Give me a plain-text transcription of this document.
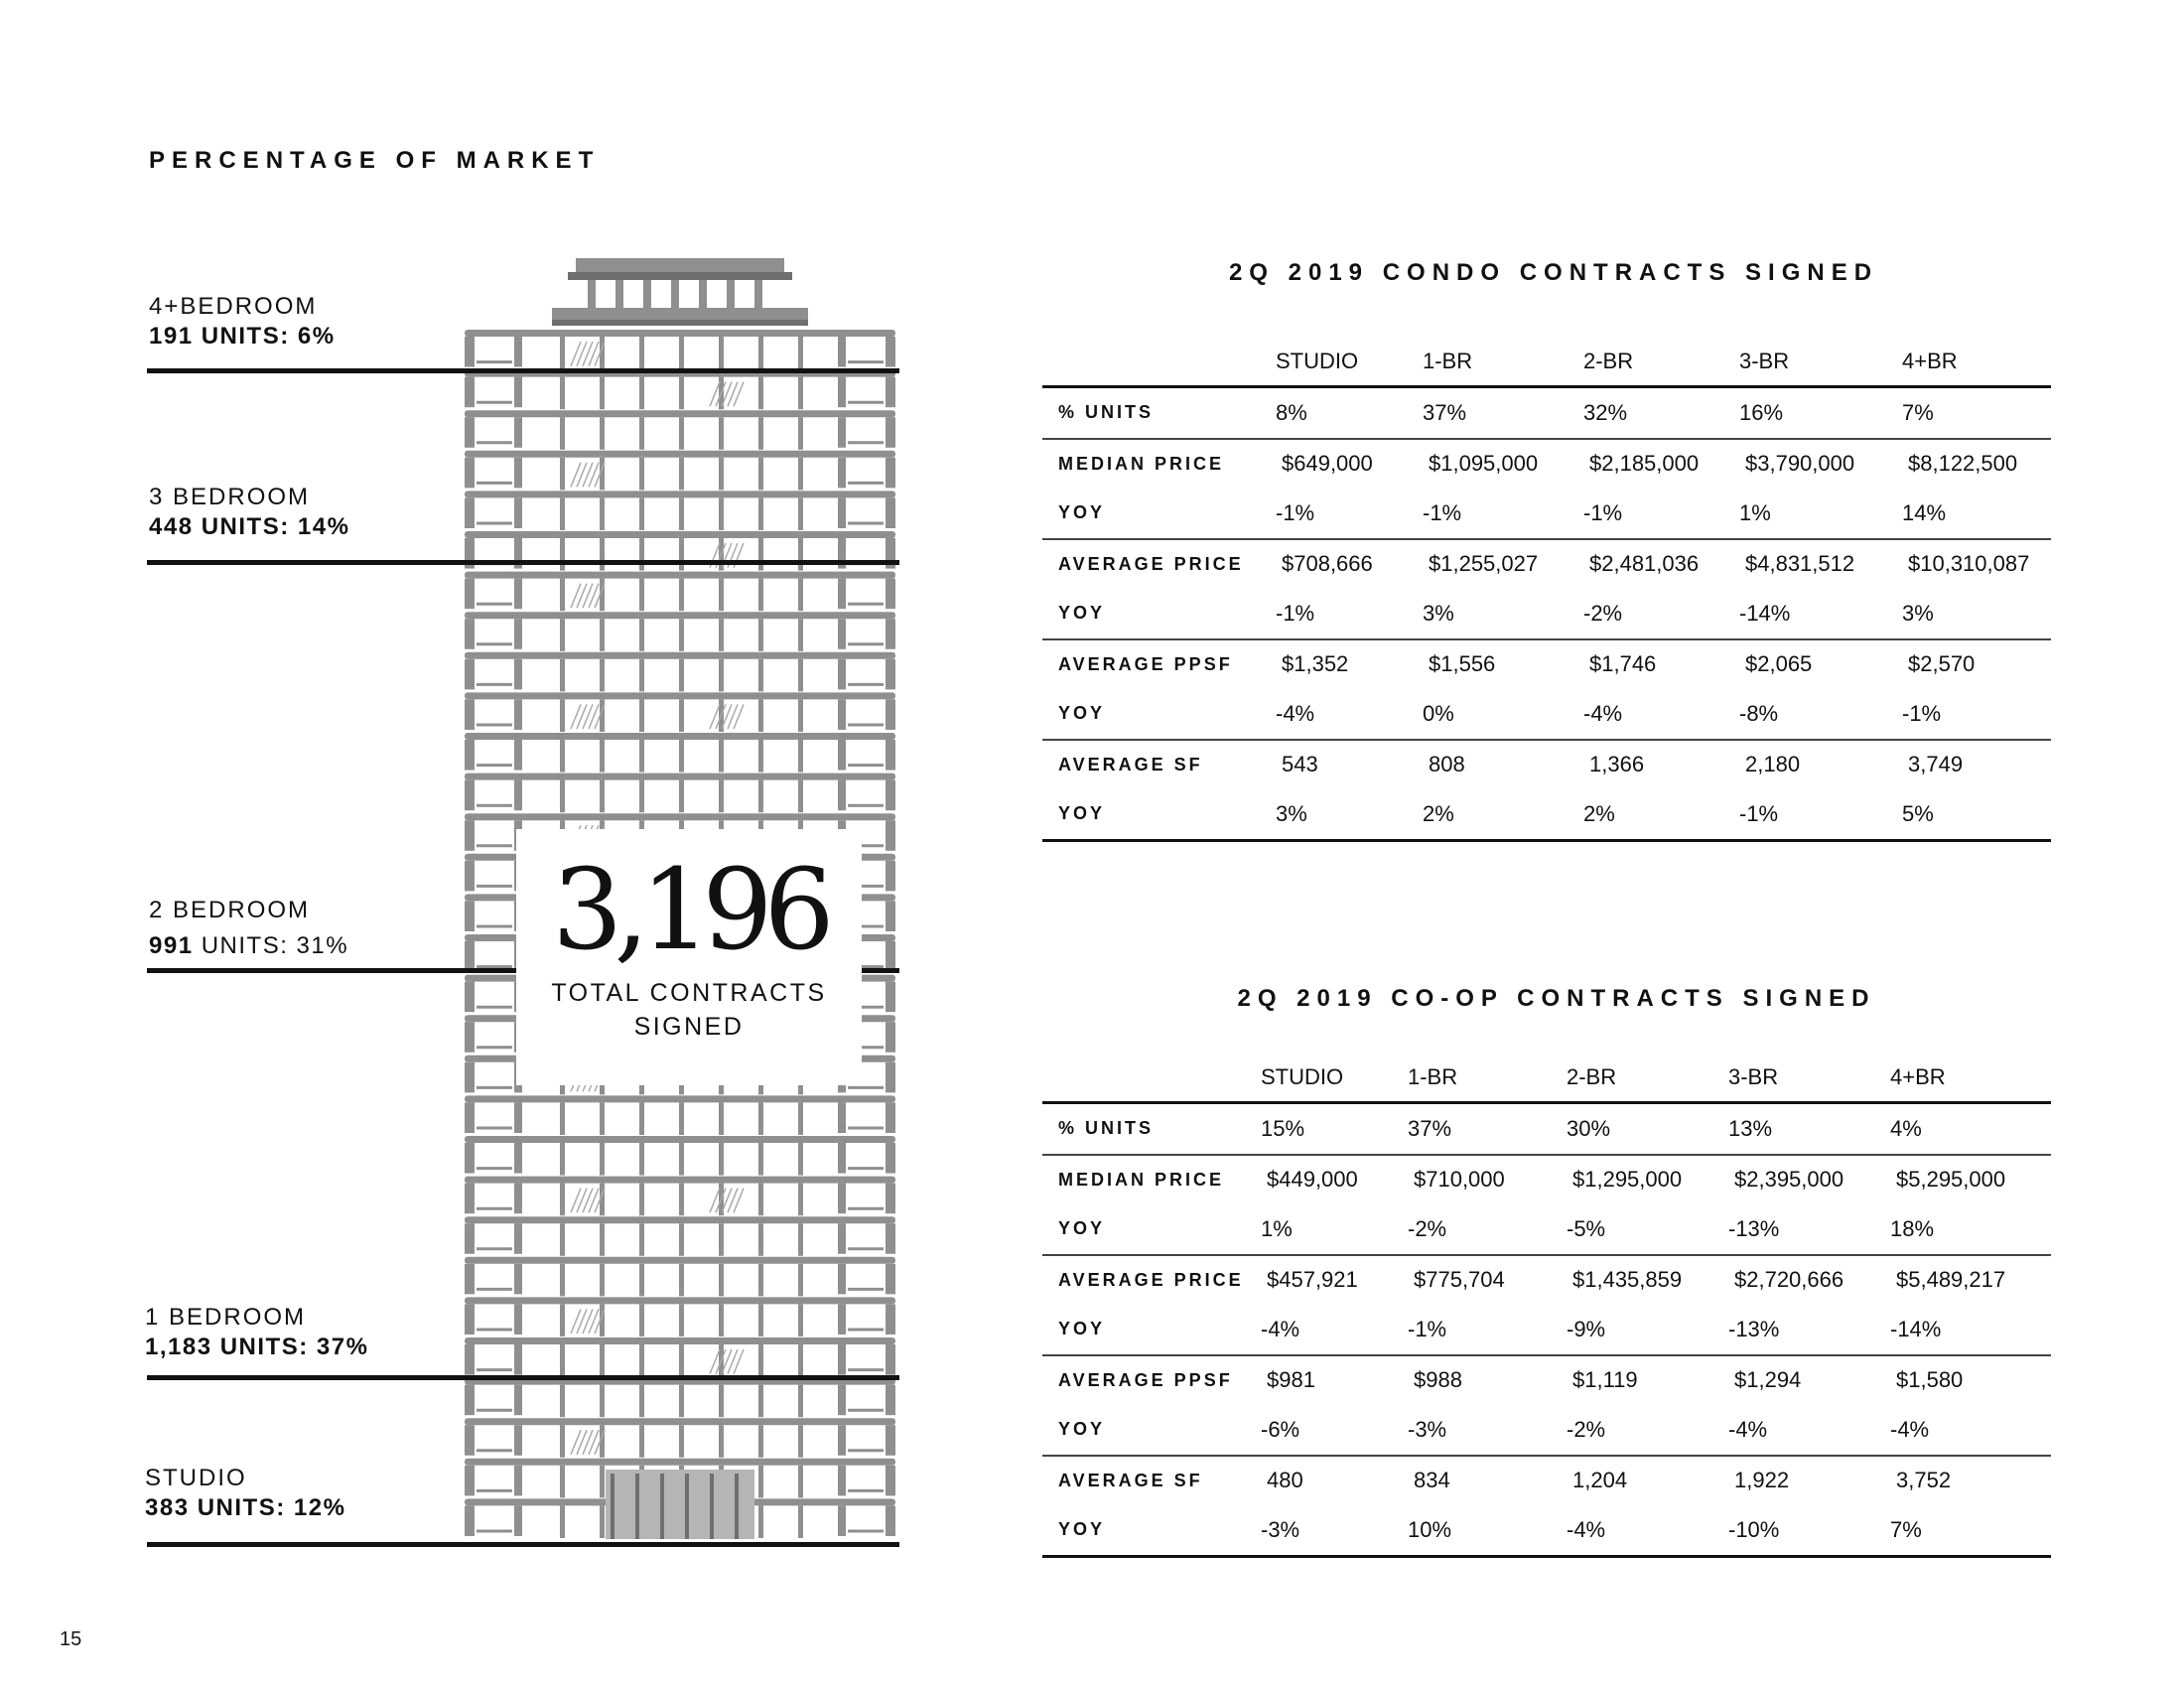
PERCENTAGE OF MARKET
4+BEDROOM
191 UNITS: 6%
3 BEDROOM
448 UNITS: 14%
2 BEDROOM
991 UNITS: 31%
1 BEDROOM
1,183 UNITS: 37%
STUDIO
383 UNITS: 12%
3,196
TOTAL CONTRACTS
SIGNED
2Q 2019 CONDO CONTRACTS SIGNED
	STUDIO	1-BR	2-BR	3-BR	4+BR
% UNITS	8%	37%	32%	16%	7%
MEDIAN PRICE	$649,000	$1,095,000	$2,185,000	$3,790,000	$8,122,500
YOY	-1%	-1%	-1%	1%	14%
AVERAGE PRICE	$708,666	$1,255,027	$2,481,036	$4,831,512	$10,310,087
YOY	-1%	3%	-2%	-14%	3%
AVERAGE PPSF	$1,352	$1,556	$1,746	$2,065	$2,570
YOY	-4%	0%	-4%	-8%	-1%
AVERAGE SF	543	808	1,366	2,180	3,749
YOY	3%	2%	2%	-1%	5%
2Q 2019 CO-OP CONTRACTS SIGNED
	STUDIO	1-BR	2-BR	3-BR	4+BR
% UNITS	15%	37%	30%	13%	4%
MEDIAN PRICE	$449,000	$710,000	$1,295,000	$2,395,000	$5,295,000
YOY	1%	-2%	-5%	-13%	18%
AVERAGE PRICE	$457,921	$775,704	$1,435,859	$2,720,666	$5,489,217
YOY	-4%	-1%	-9%	-13%	-14%
AVERAGE PPSF	$981	$988	$1,119	$1,294	$1,580
YOY	-6%	-3%	-2%	-4%	-4%
AVERAGE SF	480	834	1,204	1,922	3,752
YOY	-3%	10%	-4%	-10%	7%
15
